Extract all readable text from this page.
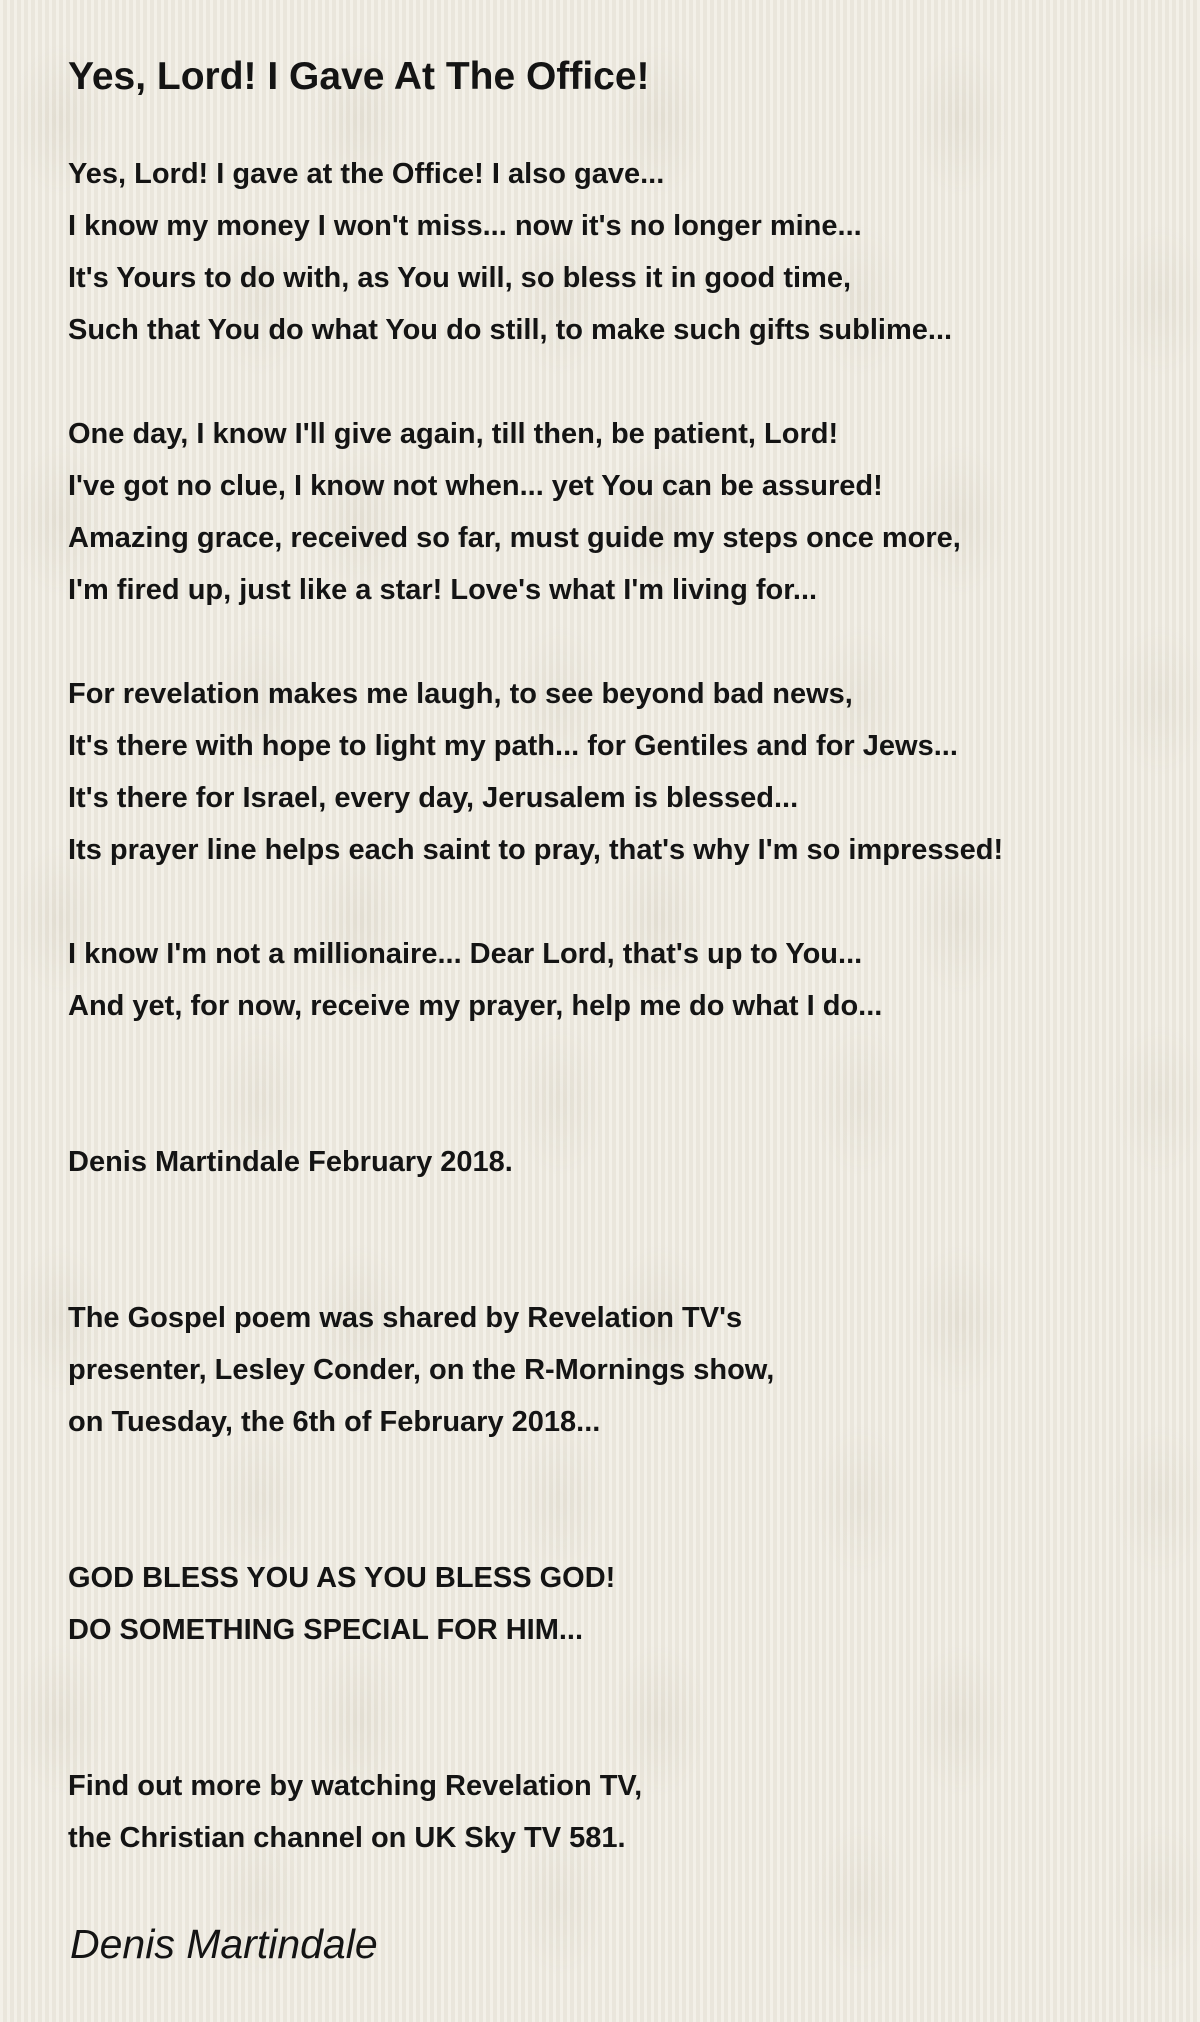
Yes, Lord! I Gave At The Office!
Yes, Lord! I gave at the Office! I also gave...
I know my money I won't miss... now it's no longer mine...
It's Yours to do with, as You will, so bless it in good time,
Such that You do what You do still, to make such gifts sublime...
One day, I know I'll give again, till then, be patient, Lord!
I've got no clue, I know not when... yet You can be assured!
Amazing grace, received so far, must guide my steps once more,
I'm fired up, just like a star! Love's what I'm living for...
For revelation makes me laugh, to see beyond bad news,
It's there with hope to light my path... for Gentiles and for Jews...
It's there for Israel, every day, Jerusalem is blessed...
Its prayer line helps each saint to pray, that's why I'm so impressed!
I know I'm not a millionaire... Dear Lord, that's up to You...
And yet, for now, receive my prayer, help me do what I do...
Denis Martindale February 2018.
The Gospel poem was shared by Revelation TV's
presenter, Lesley Conder, on the R-Mornings show,
on Tuesday, the 6th of February 2018...
GOD BLESS YOU AS YOU BLESS GOD!
DO SOMETHING SPECIAL FOR HIM...
Find out more by watching Revelation TV,
the Christian channel on UK Sky TV 581.
Denis Martindale
